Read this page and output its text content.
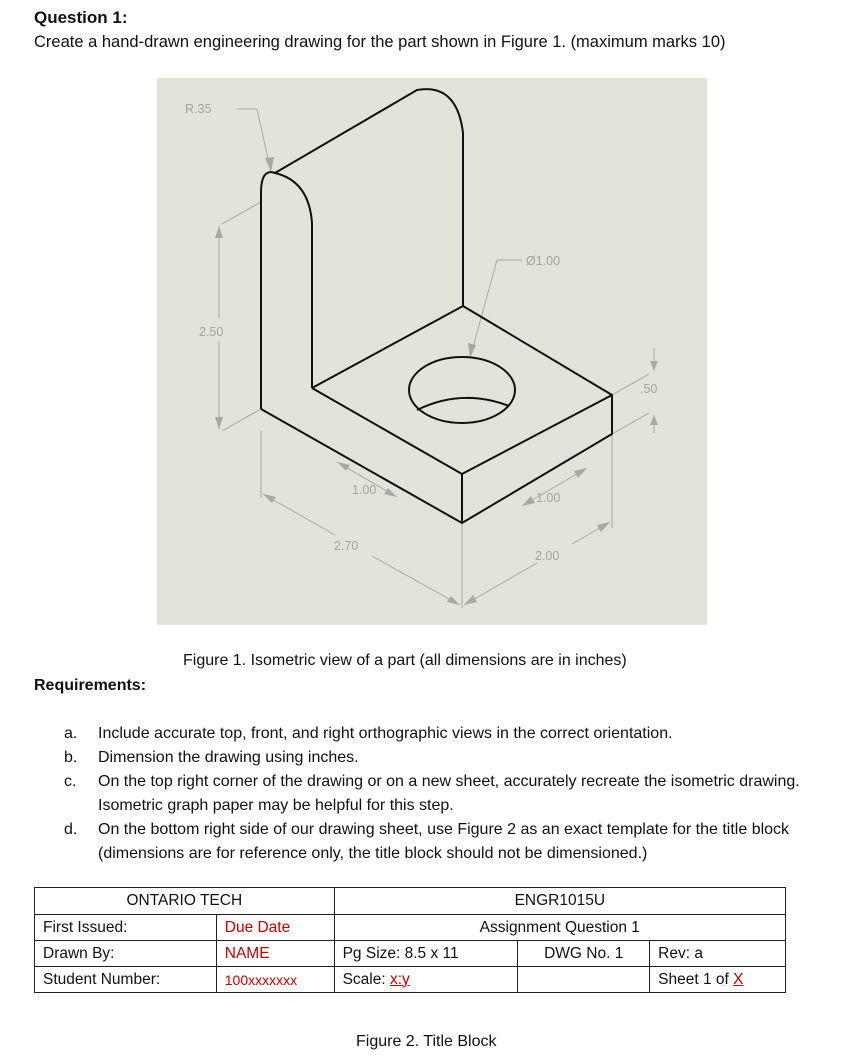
Question 1:
Create a hand-drawn engineering drawing for the part shown in Figure 1. (maximum marks 10)
R.35
Ø1.00
2.50
.50
1.00
1.00
2.70
2.00
Figure 1. Isometric view of a part (all dimensions are in inches)
Requirements:
a.	Include accurate top, front, and right orthographic views in the correct orientation.
b.	Dimension the drawing using inches.
c.	On the top right corner of the drawing or on a new sheet, accurately recreate the isometric drawing. Isometric graph paper may be helpful for this step.
d.	On the bottom right side of our drawing sheet, use Figure 2 as an exact template for the title block (dimensions are for reference only, the title block should not be dimensioned.)
ONTARIO TECH		ENGR1015U		
First Issued:	Due Date	Assignment Question 1		
Drawn By:	NAME	Pg Size: 8.5 x 11	DWG No. 1	Rev: a
Student Number:	100xxxxxxx	Scale: x:y		Sheet 1 of X
Figure 2. Title Block
